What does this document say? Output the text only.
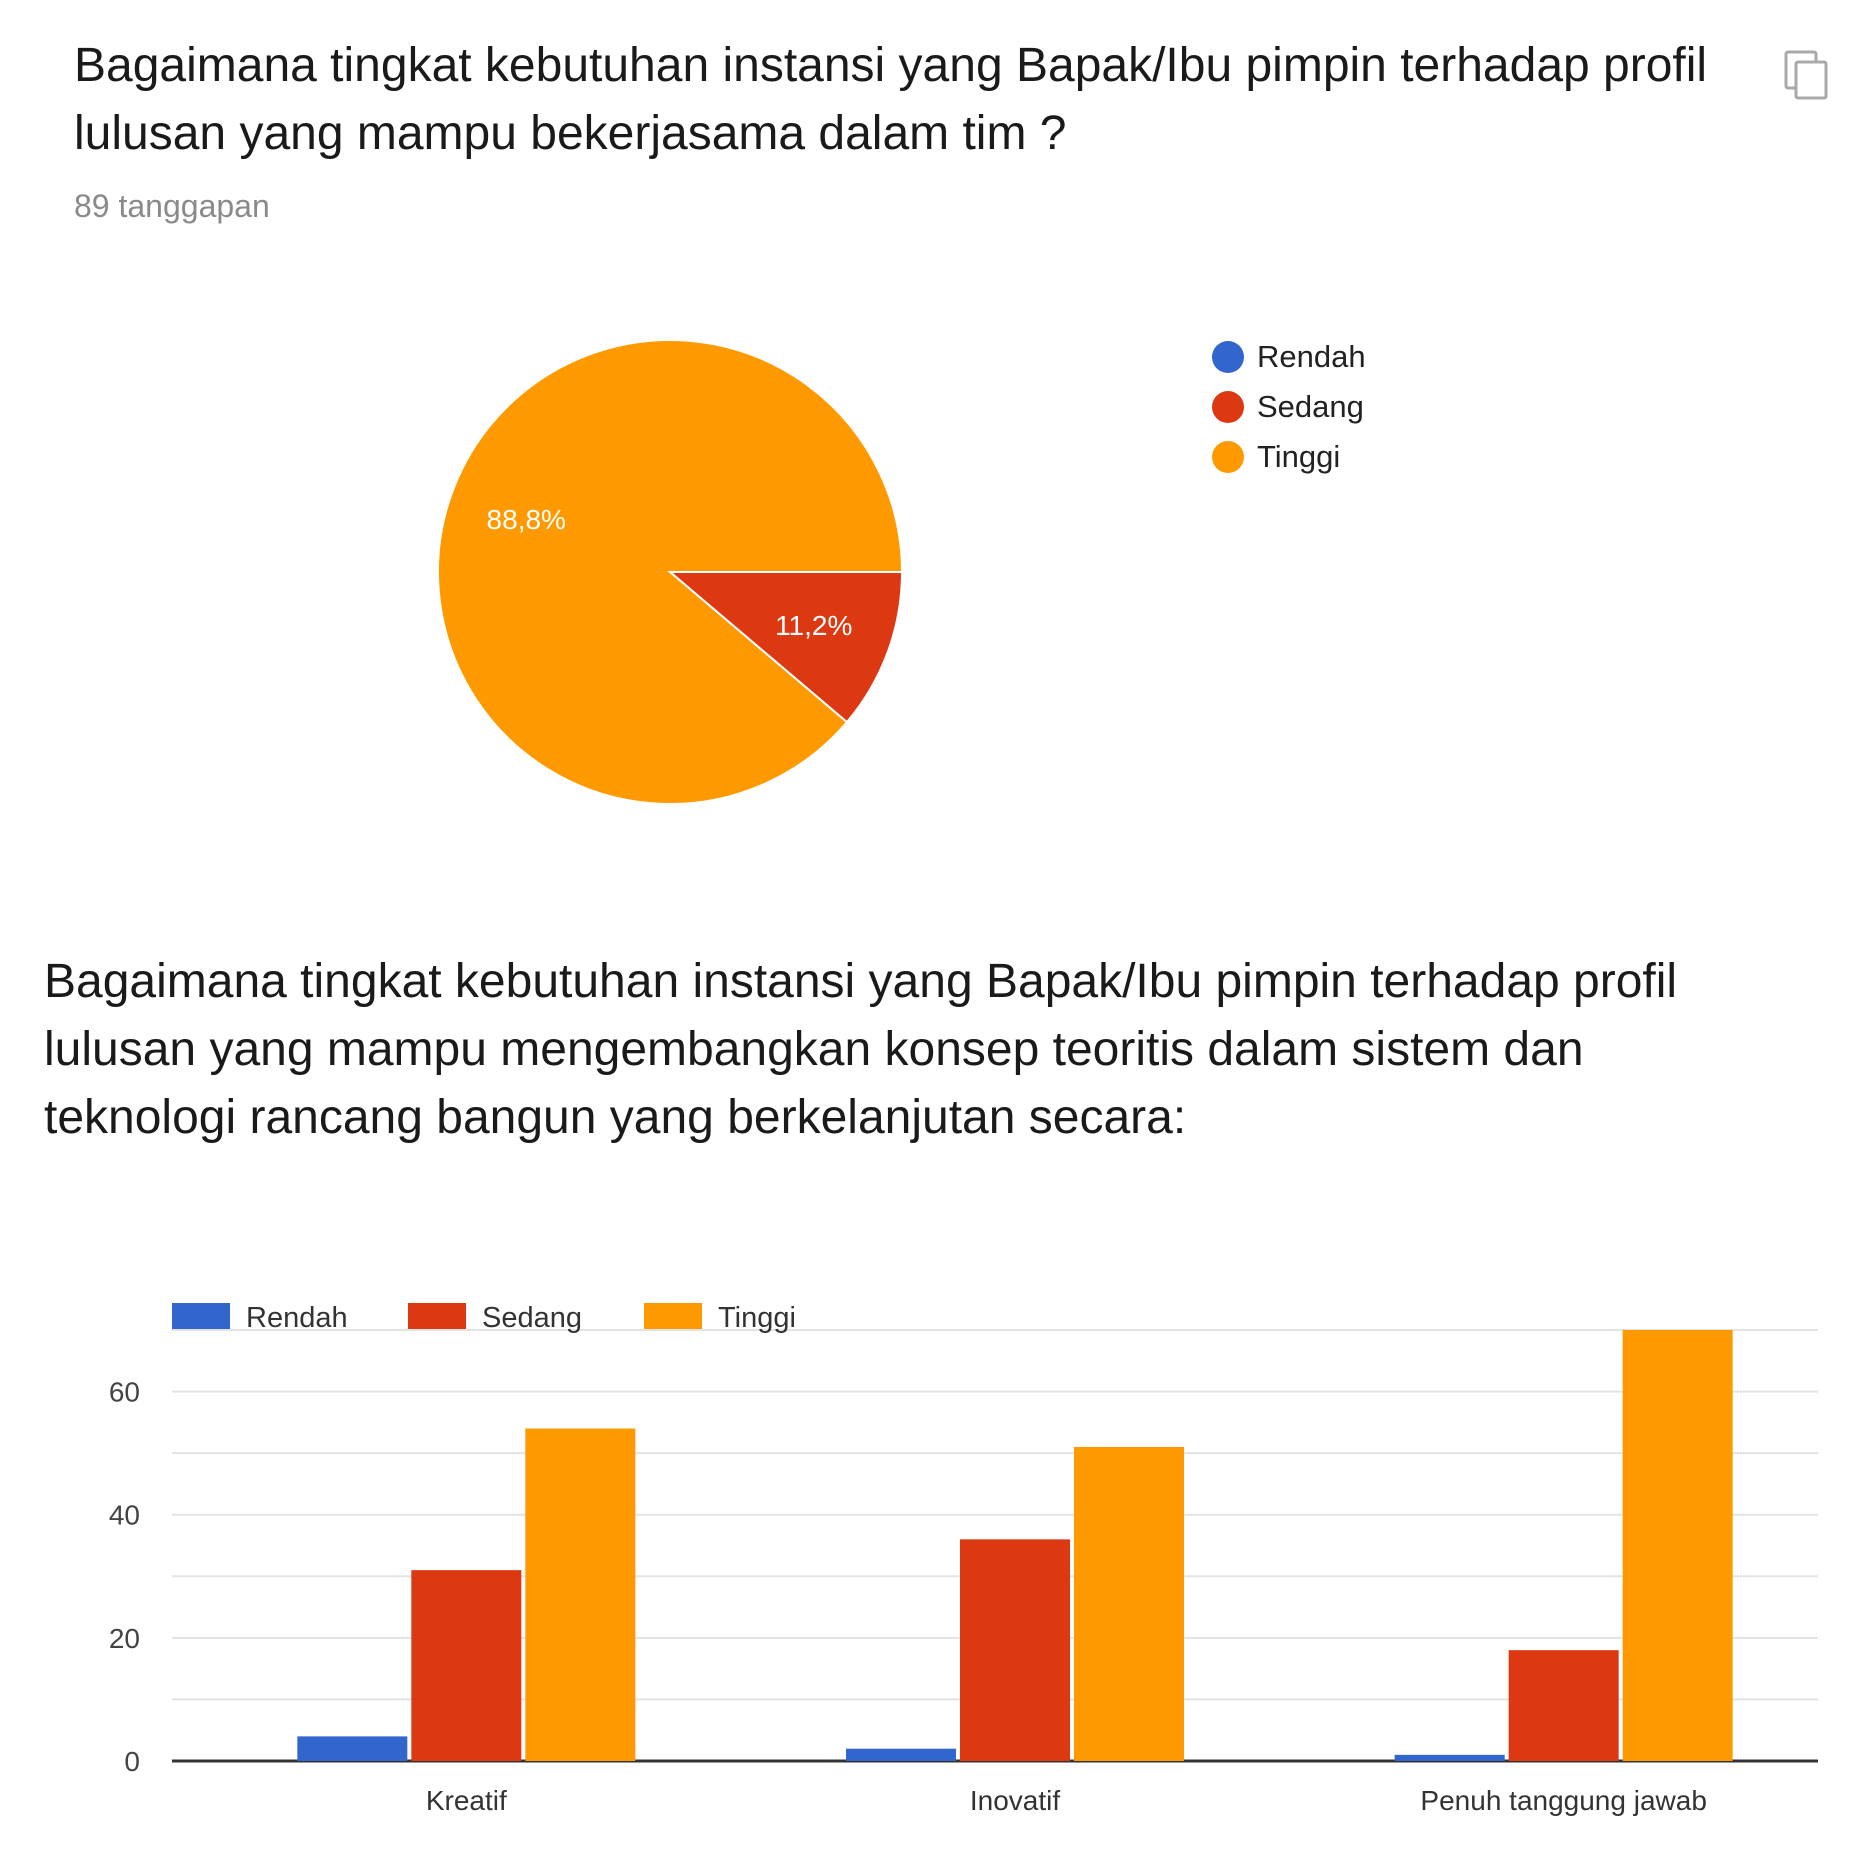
Bagaimana tingkat kebutuhan instansi yang Bapak/Ibu pimpin terhadap profil lulusan yang mampu bekerjasama dalam tim ?
89 tanggapan
11,2%
88,8%
Rendah
Sedang
Tinggi
Bagaimana tingkat kebutuhan instansi yang Bapak/Ibu pimpin terhadap profil lulusan yang mampu mengembangkan konsep teoritis dalam sistem dan teknologi rancang bangun yang berkelanjutan secara:
0
20
40
60
Kreatif	Inovatif	Penuh tanggung jawab
Rendah	Sedang	Tinggi
